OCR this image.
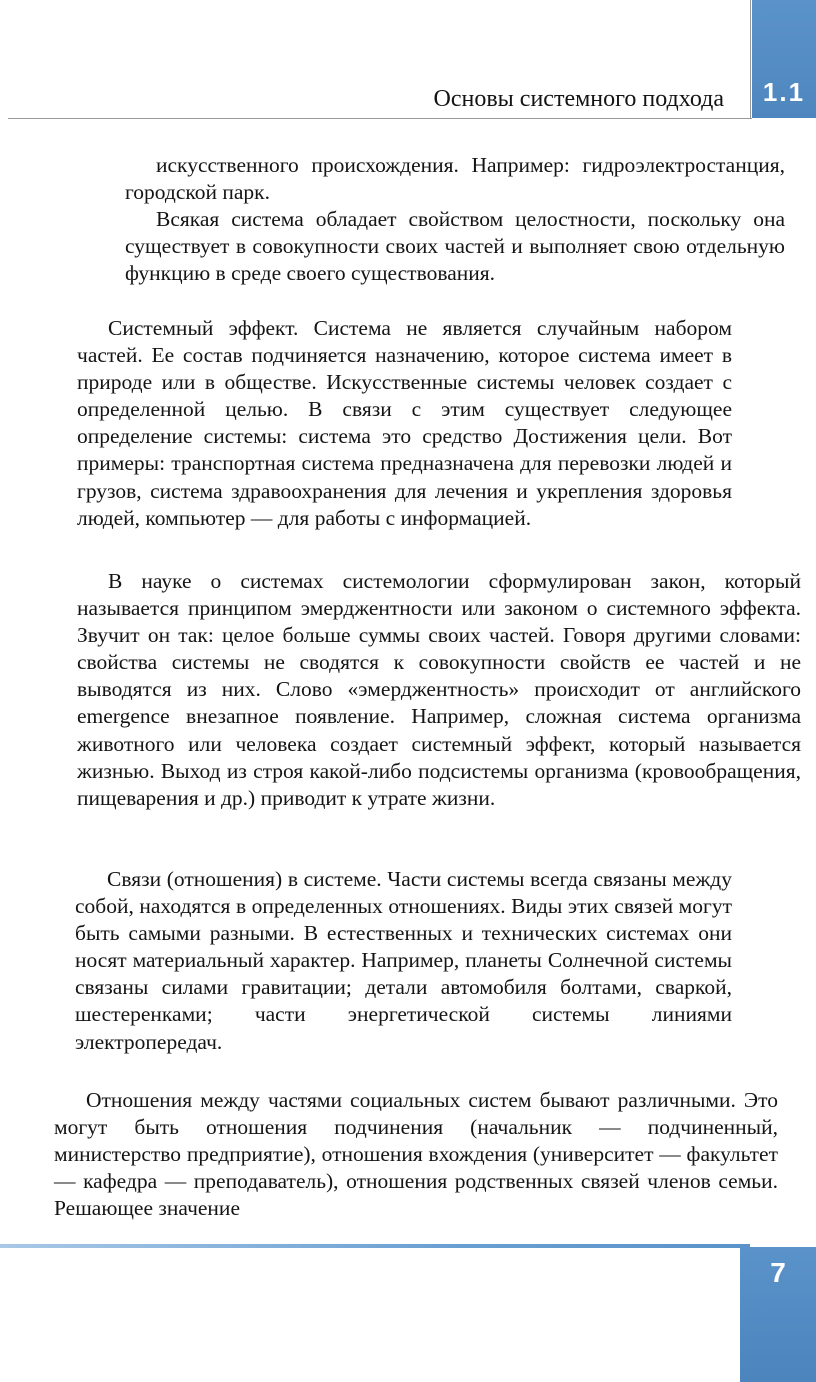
Основы системного подхода	1.1

искусственного происхождения. Например: гидроэлектростанция, городской парк.

Всякая система обладает свойством целостности, поскольку она существует в совокупности своих частей и выполняет свою отдельную функцию в среде своего существования.

Системный эффект. Система не является случайным набором частей. Ее состав подчиняется назначению, которое система имеет в природе или в обществе. Искусственные системы человек создает с определенной целью. В связи с этим существует следующее определение системы: система это средство Достижения цели. Вот примеры: транспортная система предназначена для перевозки людей и грузов, система здравоохранения для лечения и укрепления здоровья людей, компьютер — для работы с информацией.

В науке о системах системологии сформулирован закон, который называется принципом эмерджентности или законом о системного эффекта. Звучит он так: целое больше суммы своих частей. Говоря другими словами: свойства системы не сводятся к совокупности свойств ее частей и не выводятся из них. Слово «эмерджентность» происходит от английского emergence внезапное появление. Например, сложная система организма животного или человека создает системный эффект, который называется жизнью. Выход из строя какой-либо подсистемы организма (кровообращения, пищеварения и др.) приводит к утрате жизни.

Связи (отношения) в системе. Части системы всегда связаны между собой, находятся в определенных отношениях. Виды этих связей могут быть самыми разными. В естественных и технических системах они носят материальный характер. Например, планеты Солнечной системы связаны силами гравитации; детали автомобиля болтами, сваркой, шестеренками; части энергетической системы линиями электропередач.

Отношения между частями социальных систем бывают различными. Это могут быть отношения подчинения (начальник — подчиненный, министерство предприятие), отношения вхождения (университет — факультет — кафедра — преподаватель), отношения родственных связей членов семьи. Решающее значение

7
